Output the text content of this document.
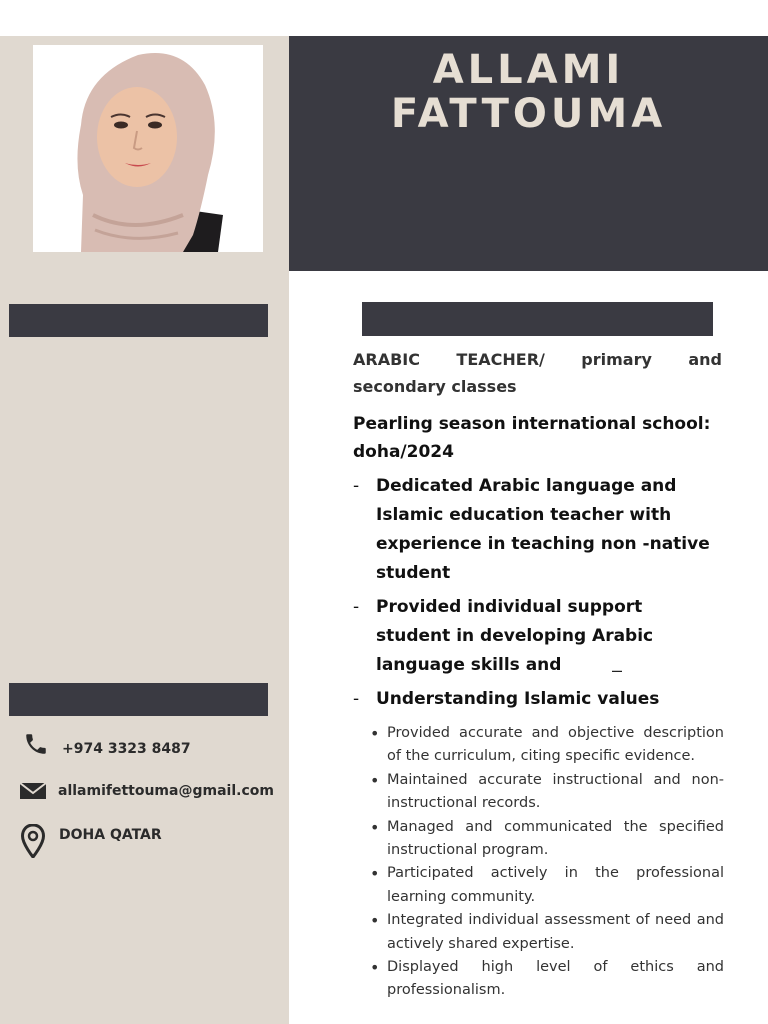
ALLAMI
FATTOUMA
+974 3323 8487
allamifettouma@gmail.com
DOHA QATAR

ARABIC TEACHER/ primary and secondary classes

Pearling season international school: doha/2024

- Dedicated Arabic language and Islamic education teacher with experience in teaching non -native student
- Provided individual support student in developing Arabic language skills and
- Understanding Islamic values
–
• Provided accurate and objective description of the curriculum, citing specific evidence.
• Maintained accurate instructional and non-instructional records.
• Managed and communicated the specified instructional program.
• Participated actively in the professional learning community.
• Integrated individual assessment of need and actively shared expertise.
• Displayed high level of ethics and professionalism.
